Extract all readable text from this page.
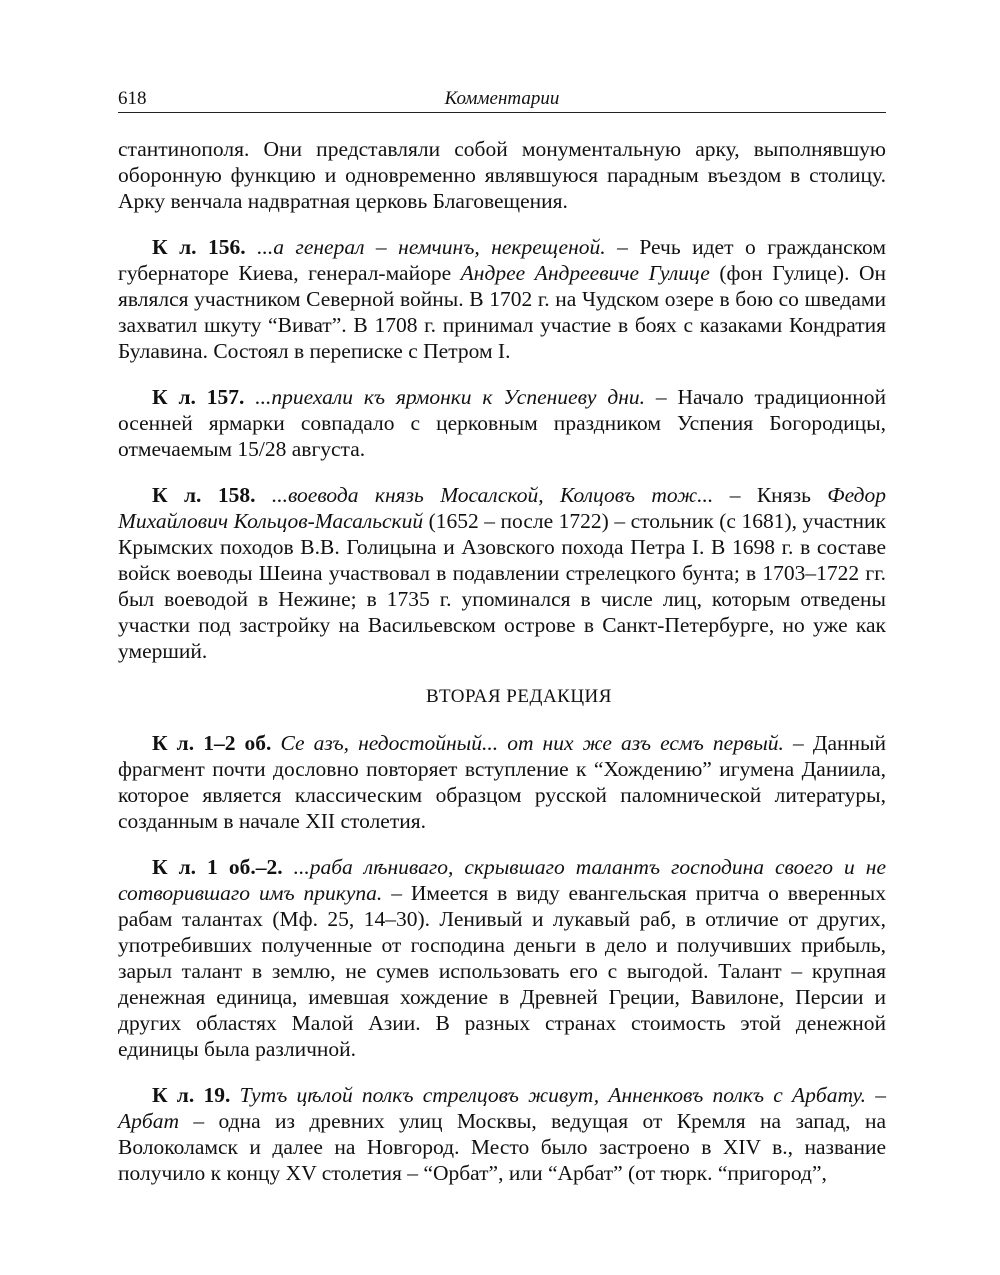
618	Комментарии

стантинополя. Они представляли собой монументальную арку, выполнявшую оборонную функцию и одновременно являвшуюся парадным въездом в столицу. Арку венчала надвратная церковь Благовещения.

К л. 156. ...а генерал – немчинъ, некрещеной. – Речь идет о гражданском губернаторе Киева, генерал-майоре Андрее Андреевиче Гулице (фон Гулице). Он являлся участником Северной войны. В 1702 г. на Чудском озере в бою со шведами захватил шкуту “Виват”. В 1708 г. принимал участие в боях с казаками Кондратия Булавина. Состоял в переписке с Петром I.

К л. 157. ...приехали къ ярмонки к Успениеву дни. – Начало традиционной осенней ярмарки совпадало с церковным праздником Успения Богородицы, отмечаемым 15/28 августа.

К л. 158. ...воевода князь Мосалской, Колцовъ тож... – Князь Федор Михайлович Кольцов-Масальский (1652 – после 1722) – стольник (с 1681), участник Крымских походов В.В. Голицына и Азовского похода Петра I. В 1698 г. в составе войск воеводы Шеина участвовал в подавлении стрелецкого бунта; в 1703–1722 гг. был воеводой в Нежине; в 1735 г. упоминался в числе лиц, которым отведены участки под застройку на Васильевском острове в Санкт-Петербурге, но уже как умерший.

ВТОРАЯ РЕДАКЦИЯ

К л. 1–2 об. Се азъ, недостойный... от них же азъ есмъ первый. – Данный фрагмент почти дословно повторяет вступление к “Хождению” игумена Даниила, которое является классическим образцом русской паломнической литературы, созданным в начале XII столетия.

К л. 1 об.–2. ...раба лѣниваго, скрывшаго талантъ господина своего и не сотворившаго имъ прикупа. – Имеется в виду евангельская притча о вверенных рабам талантах (Мф. 25, 14–30). Ленивый и лукавый раб, в отличие от других, употребивших полученные от господина деньги в дело и получивших прибыль, зарыл талант в землю, не сумев использовать его с выгодой. Талант – крупная денежная единица, имевшая хождение в Древней Греции, Вавилоне, Персии и других областях Малой Азии. В разных странах стоимость этой денежной единицы была различной.

К л. 19. Тутъ цѣлой полкъ стрелцовъ живут, Анненковъ полкъ с Арбату. – Арбат – одна из древних улиц Москвы, ведущая от Кремля на запад, на Волоколамск и далее на Новгород. Место было застроено в XIV в., название получило к концу XV столетия – “Орбат”, или “Арбат” (от тюрк. “пригород”,
